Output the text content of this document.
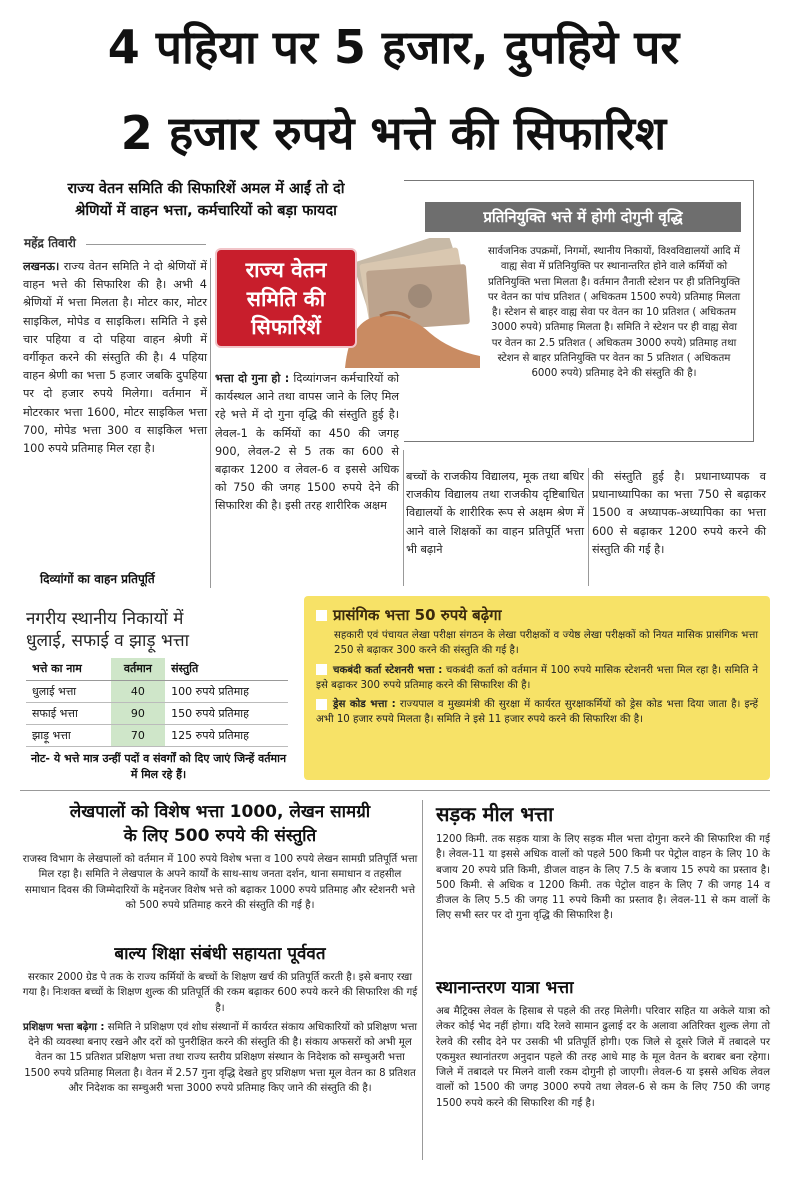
4 पहिया पर 5 हजार, दुपहिये पर
2 हजार रुपये भत्ते की सिफारिश
राज्य वेतन समिति की सिफारिशें अमल में आईं तो दो
श्रेणियों में वाहन भत्ता, कर्मचारियों को बड़ा फायदा
महेंद्र तिवारी
प्रतिनियुक्ति भत्ते में होगी दोगुनी वृद्धि
राज्य वेतन
समिति की
सिफारिशें
सार्वजनिक उपक्रमों, निगमों, स्थानीय निकायों, विश्वविद्यालयों आदि में वाह्य सेवा में प्रतिनियुक्ति पर स्थानान्तरित होने वाले कर्मियों को प्रतिनियुक्ति भत्ता मिलता है। वर्तमान तैनाती स्टेशन पर ही प्रतिनियुक्ति पर वेतन का पांच प्रतिशत ( अधिकतम 1500 रुपये) प्रतिमाह मिलता है। स्टेशन से बाहर वाह्य सेवा पर वेतन का 10 प्रतिशत ( अधिकतम 3000 रुपये) प्रतिमाह मिलता है। समिति ने स्टेशन पर ही वाह्य सेवा पर वेतन का 2.5 प्रतिशत ( अधिकतम 3000 रुपये) प्रतिमाह तथा स्टेशन से बाहर प्रतिनियुक्ति पर वेतन का 5 प्रतिशत ( अधिकतम 6000 रुपये) प्रतिमाह देने की संस्तुति की है।
लखनऊ। राज्य वेतन समिति ने दो श्रेणियों में वाहन भत्ते की सिफारिश की है। अभी 4 श्रेणियों में भत्ता मिलता है। मोटर कार, मोटर साइकिल, मोपेड व साइकिल। समिति ने इसे चार पहिया व दो पहिया वाहन श्रेणी में वर्गीकृत करने की संस्तुति की है। 4 पहिया वाहन श्रेणी का भत्ता 5 हजार जबकि दुपहिया पर दो हजार रुपये मिलेगा। वर्तमान में मोटरकार भत्ता 1600, मोटर साइकिल भत्ता 700, मोपेड भत्ता 300 व साइकिल भत्ता 100 रुपये प्रतिमाह मिल रहा है।
दिव्यांगों का वाहन प्रतिपूर्ति
भत्ता दो गुना हो : दिव्यांगजन कर्मचारियों को कार्यस्थल आने तथा वापस जाने के लिए मिल रहे भत्ते में दो गुना वृद्धि की संस्तुति हुई है। लेवल-1 के कर्मियों का 450 की जगह 900, लेवल-2 से 5 तक का 600 से बढ़ाकर 1200 व लेवल-6 व इससे अधिक को 750 की जगह 1500 रुपये देने की सिफारिश की है। इसी तरह शारीरिक अक्षम
बच्चों के राजकीय विद्यालय, मूक तथा बधिर राजकीय विद्यालय तथा राजकीय दृष्टिबाधित विद्यालयों के शारीरिक रूप से अक्षम श्रेण में आने वाले शिक्षकों का वाहन प्रतिपूर्ति भत्ता भी बढ़ाने
की संस्तुति हुई है। प्रधानाध्यापक व प्रधानाध्यापिका का भत्ता 750 से बढ़ाकर 1500 व अध्यापक-अध्यापिका का भत्ता 600 से बढ़ाकर 1200 रुपये करने की संस्तुति की गई है।
नगरीय स्थानीय निकायों में
धुलाई, सफाई व झाड़ू भत्ता
भत्ते का नाम	वर्तमान	संस्तुति
धुलाई भत्ता	40	100 रुपये प्रतिमाह
सफाई भत्ता	90	150 रुपये प्रतिमाह
झाड़ू भत्ता	70	125 रुपये प्रतिमाह
नोट- ये भत्ते मात्र उन्हीं पदों व संवर्गों को दिए जाएं जिन्हें वर्तमान में मिल रहे हैं।
प्रासंगिक भत्ता 50 रुपये बढ़ेगा
सहकारी एवं पंचायत लेखा परीक्षा संगठन के लेखा परीक्षकों व ज्येष्ठ लेखा परीक्षकों को नियत मासिक प्रासंगिक भत्ता 250 से बढ़ाकर 300 करने की संस्तुति की गई है।
चकबंदी कर्ता स्टेशनरी भत्ता : चकबंदी कर्ता को वर्तमान में 100 रुपये मासिक स्टेशनरी भत्ता मिल रहा है। समिति ने इसे बढ़ाकर 300 रुपये प्रतिमाह करने की सिफारिश की है।
ड्रेस कोड भत्ता : राज्यपाल व मुख्यमंत्री की सुरक्षा में कार्यरत सुरक्षाकर्मियों को ड्रेस कोड भत्ता दिया जाता है। इन्हें अभी 10 हजार रुपये मिलता है। समिति ने इसे 11 हजार रुपये करने की सिफारिश की है।
लेखपालों को विशेष भत्ता 1000, लेखन सामग्री
के लिए 500 रुपये की संस्तुति
राजस्व विभाग के लेखपालों को वर्तमान में 100 रुपये विशेष भत्ता व 100 रुपये लेखन सामग्री प्रतिपूर्ति भत्ता मिल रहा है। समिति ने लेखपाल के अपने कार्यों के साथ-साथ जनता दर्शन, थाना समाधान व तहसील समाधान दिवस की जिम्मेदारियों के मद्देनजर विशेष भत्ते को बढ़ाकर 1000 रुपये प्रतिमाह और स्टेशनरी भत्ते को 500 रुपये प्रतिमाह करने की संस्तुति की गई है।
बाल्य शिक्षा संबंधी सहायता पूर्ववत
सरकार 2000 ग्रेड पे तक के राज्य कर्मियों के बच्चों के शिक्षण खर्च की प्रतिपूर्ति करती है। इसे बनाए रखा गया है। निःशक्त बच्चों के शिक्षण शुल्क की प्रतिपूर्ति की रकम बढ़ाकर 600 रुपये करने की सिफारिश की गई है।
प्रशिक्षण भत्ता बढ़ेगा : समिति ने प्रशिक्षण एवं शोध संस्थानों में कार्यरत संकाय अधिकारियों को प्रशिक्षण भत्ता देने की व्यवस्था बनाए रखने और दरों को पुनरीक्षित करने की संस्तुति की है। संकाय अफसरों को अभी मूल वेतन का 15 प्रतिशत प्रशिक्षण भत्ता तथा राज्य स्तरीय प्रशिक्षण संस्थान के निदेशक को सम्चुअरी भत्ता 1500 रुपये प्रतिमाह मिलता है। वेतन में 2.57 गुना वृद्धि देखते हुए प्रशिक्षण भत्ता मूल वेतन का 8 प्रतिशत और निदेशक का सम्चुअरी भत्ता 3000 रुपये प्रतिमाह किए जाने की संस्तुति की है।
सड़क मील भत्ता
1200 किमी. तक सड़क यात्रा के लिए सड़क मील भत्ता दोगुना करने की सिफारिश की गई है। लेवल-11 या इससे अधिक वालों को पहले 500 किमी पर पेट्रोल वाहन के लिए 10 के बजाय 20 रुपये प्रति किमी, डीजल वाहन के लिए 7.5 के बजाय 15 रुपये का प्रस्ताव है। 500 किमी. से अधिक व 1200 किमी. तक पेट्रोल वाहन के लिए 7 की जगह 14 व डीजल के लिए 5.5 की जगह 11 रुपये किमी का प्रस्ताव है। लेवल-11 से कम वालों के लिए सभी स्तर पर दो गुना वृद्धि की सिफारिश है।
स्थानान्तरण यात्रा भत्ता
अब मैट्रिक्स लेवल के हिसाब से पहले की तरह मिलेगी। परिवार सहित या अकेले यात्रा को लेकर कोई भेद नहीं होगा। यदि रेलवे सामान ढुलाई दर के अलावा अतिरिक्त शुल्क लेगा तो रेलवे की रसीद देने पर उसकी भी प्रतिपूर्ति होगी। एक जिले से दूसरे जिले में तबादले पर एकमुश्त स्थानांतरण अनुदान पहले की तरह आधे माह के मूल वेतन के बराबर बना रहेगा। जिले में तबादले पर मिलने वाली रकम दोगुनी हो जाएगी। लेवल-6 या इससे अधिक लेवल वालों को 1500 की जगह 3000 रुपये तथा लेवल-6 से कम के लिए 750 की जगह 1500 रुपये करने की सिफारिश की गई है।
